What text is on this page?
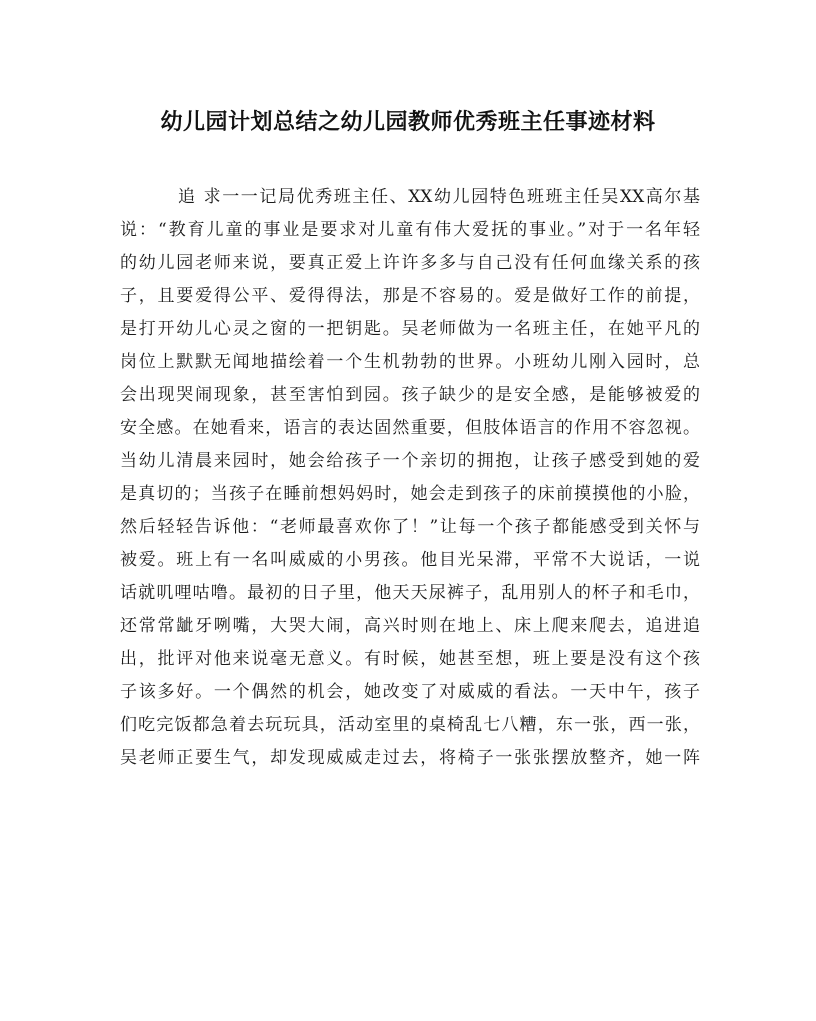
幼儿园计划总结之幼儿园教师优秀班主任事迹材料
追 求一一记局优秀班主任、XX幼儿园特色班班主任吴XX高尔基
说：“教育儿童的事业是要求对儿童有伟大爱抚的事业。”对于一名年轻
的幼儿园老师来说，要真正爱上许许多多与自己没有任何血缘关系的孩
子，且要爱得公平、爱得得法，那是不容易的。爱是做好工作的前提，
是打开幼儿心灵之窗的一把钥匙。吴老师做为一名班主任，在她平凡的
岗位上默默无闻地描绘着一个生机勃勃的世界。小班幼儿刚入园时，总
会出现哭闹现象，甚至害怕到园。孩子缺少的是安全感，是能够被爱的
安全感。在她看来，语言的表达固然重要，但肢体语言的作用不容忽视。
当幼儿清晨来园时，她会给孩子一个亲切的拥抱，让孩子感受到她的爱
是真切的；当孩子在睡前想妈妈时，她会走到孩子的床前摸摸他的小脸，
然后轻轻告诉他：“老师最喜欢你了！”让每一个孩子都能感受到关怀与
被爱。班上有一名叫威威的小男孩。他目光呆滞，平常不大说话，一说
话就叽哩咕噜。最初的日子里，他天天尿裤子，乱用别人的杯子和毛巾，
还常常龇牙咧嘴，大哭大闹，高兴时则在地上、床上爬来爬去，追进追
出，批评对他来说毫无意义。有时候，她甚至想，班上要是没有这个孩
子该多好。一个偶然的机会，她改变了对威威的看法。一天中午，孩子
们吃完饭都急着去玩玩具，活动室里的桌椅乱七八糟，东一张，西一张，
吴老师正要生气，却发现威威走过去，将椅子一张张摆放整齐，她一阵
